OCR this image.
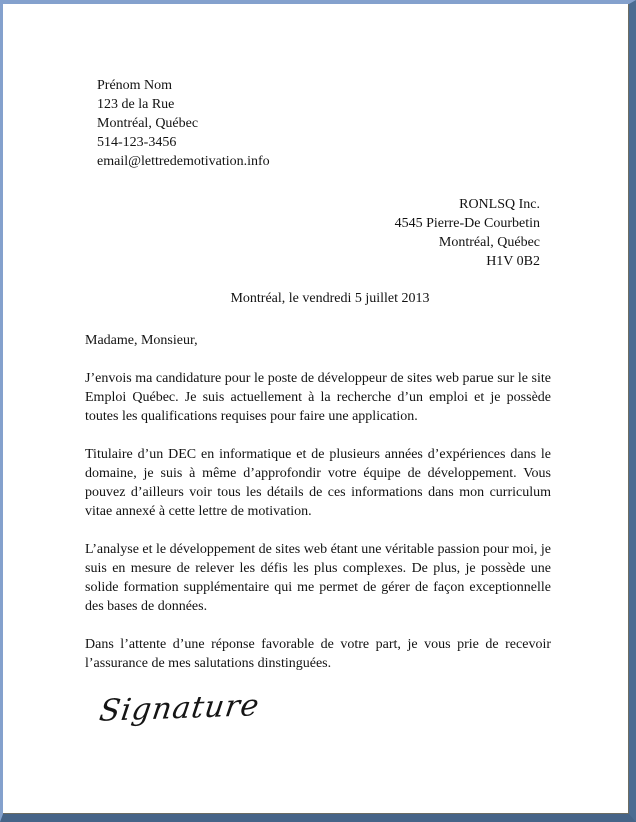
Prénom Nom
123 de la Rue
Montréal, Québec
514-123-3456
email@lettredemotivation.info
RONLSQ Inc.
4545 Pierre-De Courbetin
Montréal, Québec
H1V 0B2
Montréal, le vendredi 5 juillet 2013
Madame, Monsieur,

J’envois ma candidature pour le poste de développeur de sites web parue sur le site Emploi Québec. Je suis actuellement à la recherche d’un emploi et je possède toutes les qualifications requises pour faire une application.

Titulaire d’un DEC en informatique et de plusieurs années d’expériences dans le domaine, je suis à même d’approfondir votre équipe de développement. Vous pouvez d’ailleurs voir tous les détails de ces informations dans mon curriculum vitae annexé à cette lettre de motivation.

L’analyse et le développement de sites web étant une véritable passion pour moi, je suis en mesure de relever les défis les plus complexes. De plus, je possède une solide formation supplémentaire qui me permet de gérer de façon exceptionnelle des bases de données.

Dans l’attente d’une réponse favorable de votre part, je vous prie de recevoir l’assurance de mes salutations dinstinguées.

Signature
